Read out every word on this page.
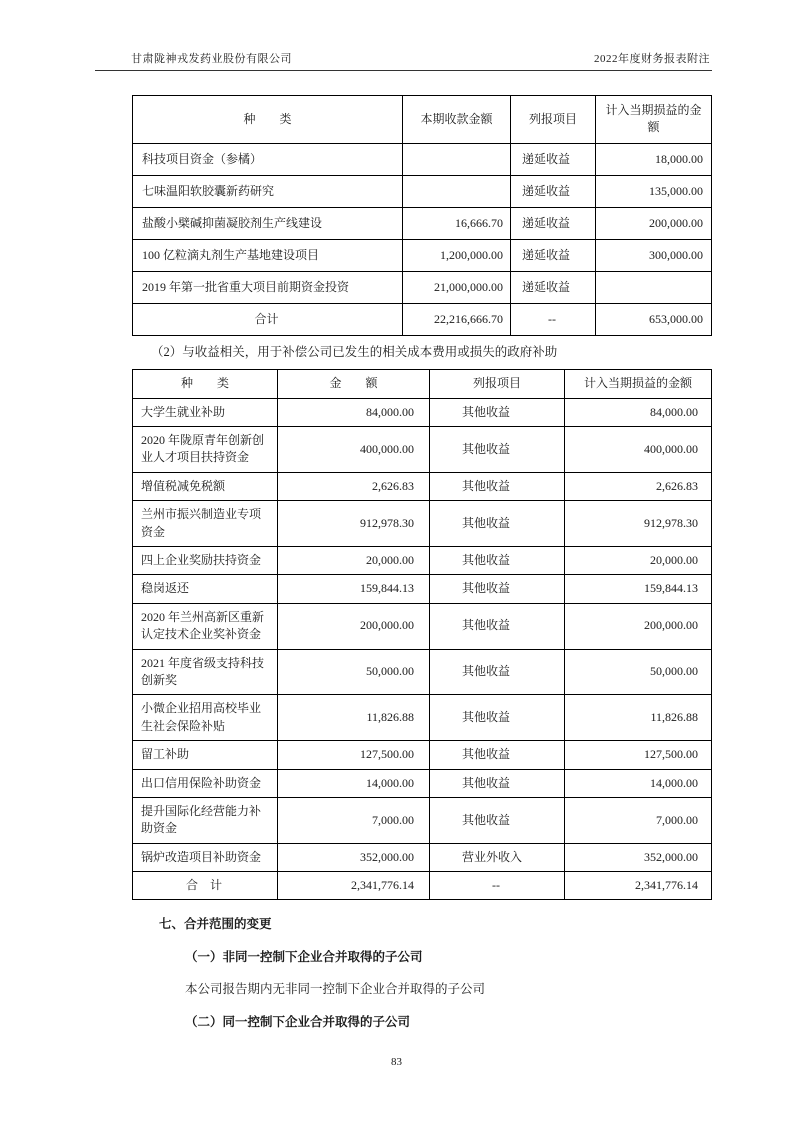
甘肃陇神戎发药业股份有限公司	2022年度财务报表附注
种　　类	本期收款金额	列报项目	计入当期损益的金额
科技项目资金（参橘）		递延收益	18,000.00
七味温阳软胶囊新药研究		递延收益	135,000.00
盐酸小檗碱抑菌凝胶剂生产线建设	16,666.70	递延收益	200,000.00
100 亿粒滴丸剂生产基地建设项目	1,200,000.00	递延收益	300,000.00
2019 年第一批省重大项目前期资金投资	21,000,000.00	递延收益	
合计	22,216,666.70	--	653,000.00
（2）与收益相关，用于补偿公司已发生的相关成本费用或损失的政府补助
种　　类	金　　额	列报项目	计入当期损益的金额
大学生就业补助	84,000.00	其他收益	84,000.00
2020 年陇原青年创新创业人才项目扶持资金	400,000.00	其他收益	400,000.00
增值税减免税额	2,626.83	其他收益	2,626.83
兰州市振兴制造业专项资金	912,978.30	其他收益	912,978.30
四上企业奖励扶持资金	20,000.00	其他收益	20,000.00
稳岗返还	159,844.13	其他收益	159,844.13
2020 年兰州高新区重新认定技术企业奖补资金	200,000.00	其他收益	200,000.00
2021 年度省级支持科技创新奖	50,000.00	其他收益	50,000.00
小微企业招用高校毕业生社会保险补贴	11,826.88	其他收益	11,826.88
留工补助	127,500.00	其他收益	127,500.00
出口信用保险补助资金	14,000.00	其他收益	14,000.00
提升国际化经营能力补助资金	7,000.00	其他收益	7,000.00
锅炉改造项目补助资金	352,000.00	营业外收入	352,000.00
合　计	2,341,776.14	--	2,341,776.14
七、合并范围的变更
（一）非同一控制下企业合并取得的子公司
本公司报告期内无非同一控制下企业合并取得的子公司
（二）同一控制下企业合并取得的子公司
83
